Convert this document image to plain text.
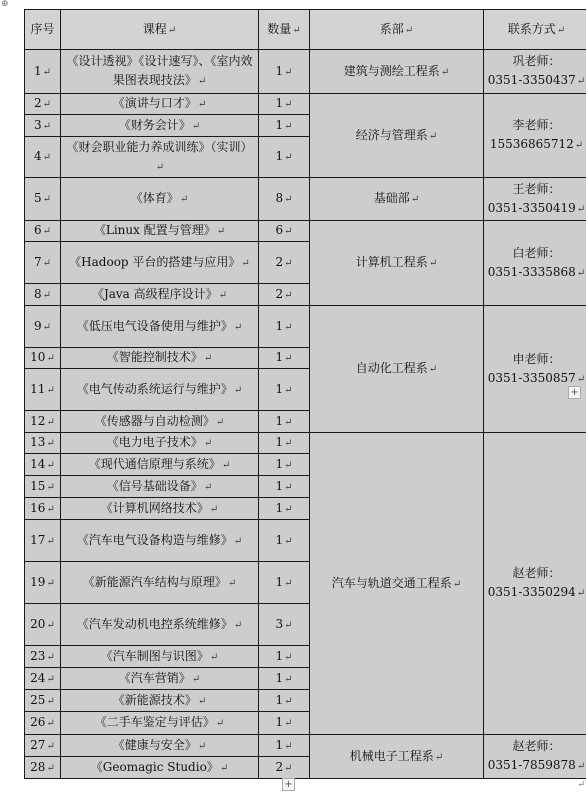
⊕
序号	课程 ↵	数量 ↵	系部 ↵	联系方式 ↵
1 ↵	《设计透视》《设计速写》、《室内效果图表现技法》 ↵	1 ↵	建筑与测绘工程系 ↵	巩老师：
0351-3350437 ↵

2 ↵	《演讲与口才》 ↵	1 ↵	经济与管理系 ↵	李老师：
15536865712 ↵

3 ↵	《财务会计》 ↵	1 ↵
4 ↵	《财会职业能力养成训练》（实训） ↵	1 ↵
5 ↵	《体育》 ↵	8 ↵	基础部 ↵	王老师：
0351-3350419 ↵

6 ↵	《Linux 配置与管理》 ↵	6 ↵	计算机工程系 ↵	白老师：
0351-3335868 ↵

7 ↵	《Hadoop 平台的搭建与应用》 ↵	2 ↵
8 ↵	《Java 高级程序设计》 ↵	2 ↵
9 ↵	《低压电气设备使用与维护》 ↵	1 ↵	自动化工程系 ↵	申老师：
0351-3350857 ↵

10 ↵	《智能控制技术》 ↵	1 ↵
11 ↵	《电气传动系统运行与维护》 ↵	1 ↵
12 ↵	《传感器与自动检测》 ↵	1 ↵
13 ↵	《电力电子技术》 ↵	1 ↵	汽车与轨道交通工程系 ↵	赵老师：
0351-3350294 ↵

14 ↵	《现代通信原理与系统》 ↵	1 ↵
15 ↵	《信号基础设备》 ↵	1 ↵
16 ↵	《计算机网络技术》 ↵	1 ↵
17 ↵	《汽车电气设备构造与维修》 ↵	1 ↵
19 ↵	《新能源汽车结构与原理》 ↵	1 ↵
20 ↵	《汽车发动机电控系统维修》 ↵	3 ↵
23 ↵	《汽车制图与识图》 ↵	1 ↵
24 ↵	《汽车营销》 ↵	1 ↵
25 ↵	《新能源技术》 ↵	1 ↵
26 ↵	《二手车鉴定与评估》 ↵	1 ↵
27 ↵	《健康与安全》 ↵	1 ↵	机械电子工程系 ↵	赵老师：
0351-7859878 ↵

28 ↵	《Geomagic Studio》 ↵	2 ↵
+
+	↵
